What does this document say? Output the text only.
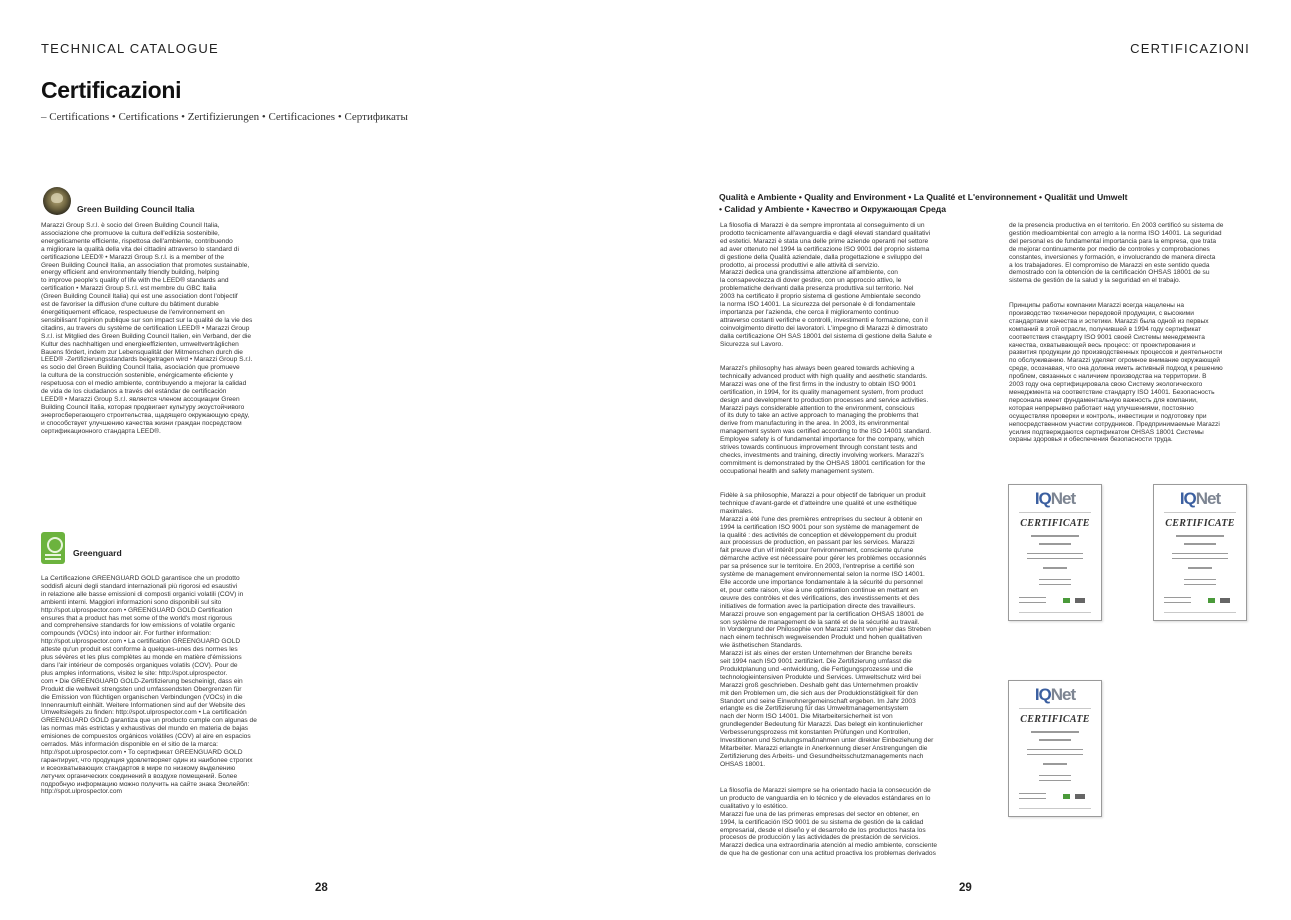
TECHNICAL CATALOGUE	CERTIFICAZIONI
Certificazioni
– Certifications • Certifications • Zertifizierungen • Certificaciones • Сертификаты
Green Building Council Italia
Marazzi Group S.r.l. è socio del Green Building Council Italia,
associazione che promuove la cultura dell'edilizia sostenibile,
energeticamente efficiente, rispettosa dell'ambiente, contribuendo
a migliorare la qualità della vita dei cittadini attraverso lo standard di
certificazione LEED® • Marazzi Group S.r.l. is a member of the
Green Building Council Italia, an association that promotes sustainable,
energy efficient and environmentally friendly building, helping
to improve people's quality of life with the LEED® standards and
certification • Marazzi Group S.r.l. est membre du GBC Italia
(Green Building Council Italia) qui est une association dont l'objectif
est de favoriser la diffusion d'une culture du bâtiment durable
énergétiquement efficace, respectueuse de l'environnement en
sensibilisant l'opinion publique sur son impact sur la qualité de la vie des
citadins, au travers du système de certification LEED® • Marazzi Group
S.r.l. ist Mitglied des Green Building Council Italien, ein Verband, der die
Kultur des nachhaltigen und energieeffizienten, umweltverträglichen
Bauens fördert, indem zur Lebensqualität der Mitmenschen durch die
LEED® -Zertifizierungsstandards beigetragen wird • Marazzi Group S.r.l.
es socio del Green Building Council Italia, asociación que promueve
la cultura de la construcción sostenible, enérgicamente eficiente y
respetuosa con el medio ambiente, contribuyendo a mejorar la calidad
de vida de los ciudadanos a través del estándar de certificación
LEED® • Marazzi Group S.r.l. является членом ассоциации Green
Building Council Italia, которая продвигает культуру экоустойчивого
энергосберегающего строительства, щадящего окружающую среду,
и способствует улучшению качества жизни граждан посредством
сертификационного стандарта LEED®.
Greenguard
La Certificazione GREENGUARD GOLD garantisce che un prodotto
soddisfi alcuni degli standard internazionali più rigorosi ed esaustivi
in relazione alle basse emissioni di composti organici volatili (COV) in
ambienti interni. Maggiori informazioni sono disponibili sul sito
http://spot.ulprospector.com • GREENGUARD GOLD Certification
ensures that a product has met some of the world's most rigorous
and comprehensive standards for low emissions of volatile organic
compounds (VOCs) into indoor air. For further information:
http://spot.ulprospector.com • La certification GREENGUARD GOLD
atteste qu'un produit est conforme à quelques-unes des normes les
plus sévères et les plus complètes au monde en matière d'émissions
dans l'air intérieur de composés organiques volatils (COV). Pour de
plus amples informations, visitez le site: http://spot.ulprospector.
com • Die GREENGUARD GOLD-Zertifizierung bescheinigt, dass ein
Produkt die weltweit strengsten und umfassendsten Obergrenzen für
die Emission von flüchtigen organischen Verbindungen (VOCs) in die
Innenraumluft einhält. Weitere Informationen sind auf der Website des
Umweltsiegels zu finden: http://spot.ulprospector.com • La certificación
GREENGUARD GOLD garantiza que un producto cumple con algunas de
las normas más estrictas y exhaustivas del mundo en materia de bajas
emisiones de compuestos orgánicos volátiles (COV) al aire en espacios
cerrados. Más información disponible en el sitio de la marca:
http://spot.ulprospector.com • То сертификат GREENGUARD GOLD
гарантирует, что продукция удовлетворяет один из наиболее строгих
и всеохватывающих стандартов в мире по низкому выделению
летучих органических соединений в воздухе помещений. Более
подробную информацию можно получить на сайте знака Эколейбл:
http://spot.ulprospector.com
28
Qualità e Ambiente • Quality and Environment • La Qualité et L'environnement • Qualität und Umwelt
• Calidad y Ambiente • Качество и Окружающая Среда
La filosofia di Marazzi è da sempre improntata al conseguimento di un
prodotto tecnicamente all'avanguardia e dagli elevati standard qualitativi
ed estetici. Marazzi è stata una delle prime aziende operanti nel settore
ad aver ottenuto nel 1994 la certificazione ISO 9001 del proprio sistema
di gestione della Qualità aziendale, dalla progettazione e sviluppo del
prodotto, ai processi produttivi e alle attività di servizio.
Marazzi dedica una grandissima attenzione all'ambiente, con
la consapevolezza di dover gestire, con un approccio attivo, le
problematiche derivanti dalla presenza produttiva sul territorio. Nel
2003 ha certificato il proprio sistema di gestione Ambientale secondo
la norma ISO 14001. La sicurezza del personale è di fondamentale
importanza per l'azienda, che cerca il miglioramento continuo
attraverso costanti verifiche e controlli, investimenti e formazione, con il
coinvolgimento diretto dei lavoratori. L'impegno di Marazzi è dimostrato
dalla certificazione OH SAS 18001 del sistema di gestione della Salute e
Sicurezza sul Lavoro.
Marazzi's philosophy has always been geared towards achieving a
technically advanced product with high quality and aesthetic standards.
Marazzi was one of the first firms in the industry to obtain ISO 9001
certification, in 1994, for its quality management system, from product
design and development to production processes and service activities.
Marazzi pays considerable attention to the environment, conscious
of its duty to take an active approach to managing the problems that
derive from manufacturing in the area. In 2003, its environmental
management system was certified according to the ISO 14001 standard.
Employee safety is of fundamental importance for the company, which
strives towards continuous improvement through constant tests and
checks, investments and training, directly involving workers. Marazzi's
commitment is demonstrated by the OHSAS 18001 certification for the
occupational health and safety management system.
Fidèle à sa philosophie, Marazzi a pour objectif de fabriquer un produit
technique d'avant-garde et d'atteindre une qualité et une esthétique
maximales.
Marazzi a été l'une des premières entreprises du secteur à obtenir en
1994 la certification ISO 9001 pour son système de management de
la qualité : des activités de conception et développement du produit
aux processus de production, en passant par les services. Marazzi
fait preuve d'un vif intérêt pour l'environnement, consciente qu'une
démarche active est nécessaire pour gérer les problèmes occasionnés
par sa présence sur le territoire. En 2003, l'entreprise a certifié son
système de management environnemental selon la norme ISO 14001.
Elle accorde une importance fondamentale à la sécurité du personnel
et, pour cette raison, vise à une optimisation continue en mettant en
œuvre des contrôles et des vérifications, des investissements et des
initiatives de formation avec la participation directe des travailleurs.
Marazzi prouve son engagement par la certification OHSAS 18001 de
son système de management de la santé et de la sécurité au travail.
In Vordergrund der Philosophie von Marazzi steht von jeher das Streben
nach einem technisch wegweisenden Produkt und hohen qualitativen
wie ästhetischen Standards.
Marazzi ist als eines der ersten Unternehmen der Branche bereits
seit 1994 nach ISO 9001 zertifiziert. Die Zertifizierung umfasst die
Produktplanung und -entwicklung, die Fertigungsprozesse und die
technologieintensiven Produkte und Services. Umweltschutz wird bei
Marazzi groß geschrieben. Deshalb geht das Unternehmen proaktiv
mit den Problemen um, die sich aus der Produktionstätigkeit für den
Standort und seine Einwohnergemeinschaft ergeben. Im Jahr 2003
erlangte es die Zertifizierung für das Umweltmanagementsystem
nach der Norm ISO 14001. Die Mitarbeitersicherheit ist von
grundlegender Bedeutung für Marazzi. Das belegt ein kontinuierlicher
Verbesserungsprozess mit konstanten Prüfungen und Kontrollen,
Investitionen und Schulungsmaßnahmen unter direkter Einbeziehung der
Mitarbeiter. Marazzi erlangte in Anerkennung dieser Anstrengungen die
Zertifizierung des Arbeits- und Gesundheitsschutzmanagements nach
OHSAS 18001.
La filosofía de Marazzi siempre se ha orientado hacia la consecución de
un producto de vanguardia en lo técnico y de elevados estándares en lo
cualitativo y lo estético.
Marazzi fue una de las primeras empresas del sector en obtener, en
1994, la certificación ISO 9001 de su sistema de gestión de la calidad
empresarial, desde el diseño y el desarrollo de los productos hasta los
procesos de producción y las actividades de prestación de servicios.
Marazzi dedica una extraordinaria atención al medio ambiente, consciente
de que ha de gestionar con una actitud proactiva los problemas derivados
de la presencia productiva en el territorio. En 2003 certificó su sistema de
gestión medioambiental con arreglo a la norma ISO 14001. La seguridad
del personal es de fundamental importancia para la empresa, que trata
de mejorar continuamente por medio de controles y comprobaciones
constantes, inversiones y formación, e involucrando de manera directa
a los trabajadores. El compromiso de Marazzi en este sentido queda
demostrado con la obtención de la certificación OHSAS 18001 de su
sistema de gestión de la salud y la seguridad en el trabajo.
Принципы работы компании Marazzi всегда нацелены на
производство технически передовой продукции, с высокими
стандартами качества и эстетики. Marazzi была одной из первых
компаний в этой отрасли, получившей в 1994 году сертификат
соответствия стандарту ISO 9001 своей Системы менеджмента
качества, охватывающей весь процесс: от проектирования и
развития продукции до производственных процессов и деятельности
по обслуживанию. Marazzi уделяет огромное внимание окружающей
среде, осознавая, что она должна иметь активный подход к решению
проблем, связанных с наличием производства на территории. В
2003 году она сертифицировала свою Систему экологического
менеджмента на соответствие стандарту ISO 14001. Безопасность
персонала имеет фундаментальную важность для компании,
которая непрерывно работает над улучшениями, постоянно
осуществляя проверки и контроль, инвестиции и подготовку при
непосредственном участии сотрудников. Предпринимаемые Marazzi
усилия подтверждаются сертификатом OHSAS 18001 Системы
охраны здоровья и обеспечения безопасности труда.
IQNet
CERTIFICATE
IQNet
CERTIFICATE
IQNet
CERTIFICATE
29
